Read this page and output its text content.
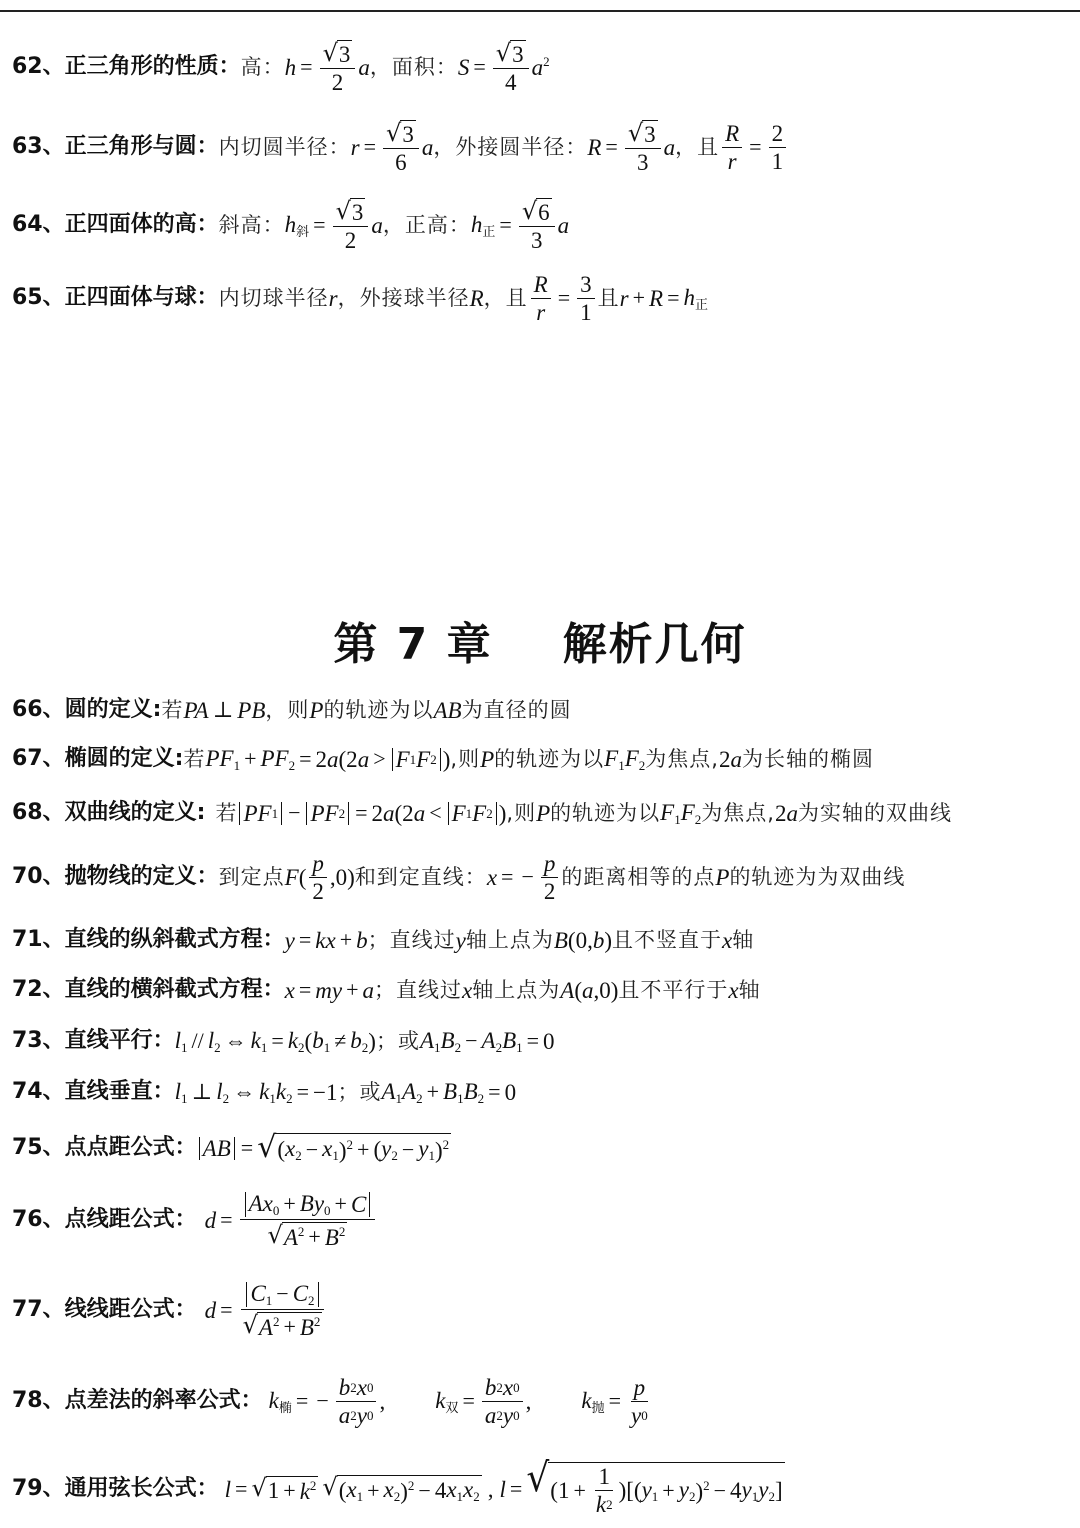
62、 正三角形的性质 ： 高： $h = \frac{√ 3}{2}$ a ，面积： $S = \frac{√ 3}{4} a^2$
63、 正三角形与圆 ： 内切圆半径： $r = \frac{√ 3}{6}$ a ，外接圆半径： $R = \frac{√ 3}{3}$ a ，且 $\frac{R}{r} = \frac{2}{1}$
64、 正四面体的高 ： 斜高： $h_斜 = \frac{√ 3}{2}$ a ，正高： $h_正 = \frac{√ 6}{3}$ a
65、 正四面体与球 ： 内切球半径 r ，外接球半径 R ，且 $\frac{R}{r} = \frac{3}{1}$ 且 $r + R = h_正$
第 7 章 解析几何
66、 圆的定义 : 若 PA ⊥ PB ，则 P 的轨迹为以 AB 为直径的圆
67、 椭圆的定义 : 若 $PF_1 + PF_2 = 2$ a (2 a > F 1 F 2 ) ,则 P 的轨迹为以 $F_1F_2$ 为焦点, 2 a 为长轴的椭圆
68、 双曲线的定义 : 若 PF 1 − PF 2 = 2 a (2 a < F 1 F 2 ) ,则 P 的轨迹为以 $F_1F_2$ 为焦点, 2 a 为实轴的双曲线
70、 抛物线的定义 ： 到定点 F ( $\frac{p}{2} ,0$) 和到定直线： x = − $\frac{p}{2}$ 的距离相等的点 P 的轨迹为为双曲线
71、 直线的纵斜截式方程 ： y = kx + b ；直线过 y 轴上点为 B (0, b ) 且不竖直于 x 轴
72、 直线的横斜截式方程 ： x = my + a ；直线过 x 轴上点为 A ( a ,0) 且不平行于 x 轴
73、 直线平行 ： $l_1 // l_2$ ⇔ $k_1 = k_2$ ( $b_1 \ne b_2$ ) ；或 $A_1B_2 - A_2B_1 = 0$
74、 直线垂直 ： $l_1$ ⊥ $l_2$ ⇔ $k_1k_2 = -1$ ；或 $A_1A_2 + B_1B_2 = 0$
75、 点点距公式 ： AB = √ ( $x_2 - x_1$ )$^2$ + ( $y_2 - y_1$ )$^2$
76、 点线距公式 ： $d = \frac{Ax_0 + By_0 + C}{√ A^2 + B^2}$
77、 线线距公式 ： $d = \frac{C_1 - C_2}{√ A^2 + B^2}$
78、 点差法的斜率公式 ： $k_椭$ = − $\frac{b 2 x 0}{a 2 y 0}$ , $k_双 = \frac{b 2 x 0}{a 2 y 0}$ , $k_抛 = \frac{p}{y 0}$
79、 通用弦长公式 ： l = √ $1 + k^2$ √ ( $x_1 + x_2$ )$^2$ − 4 $x_1x_2$ , l = √ ($1 + \frac{1}{k 2}$ )[( $y_1 + y_2$ )$^2$ − 4 $y_1y_2$ ]
